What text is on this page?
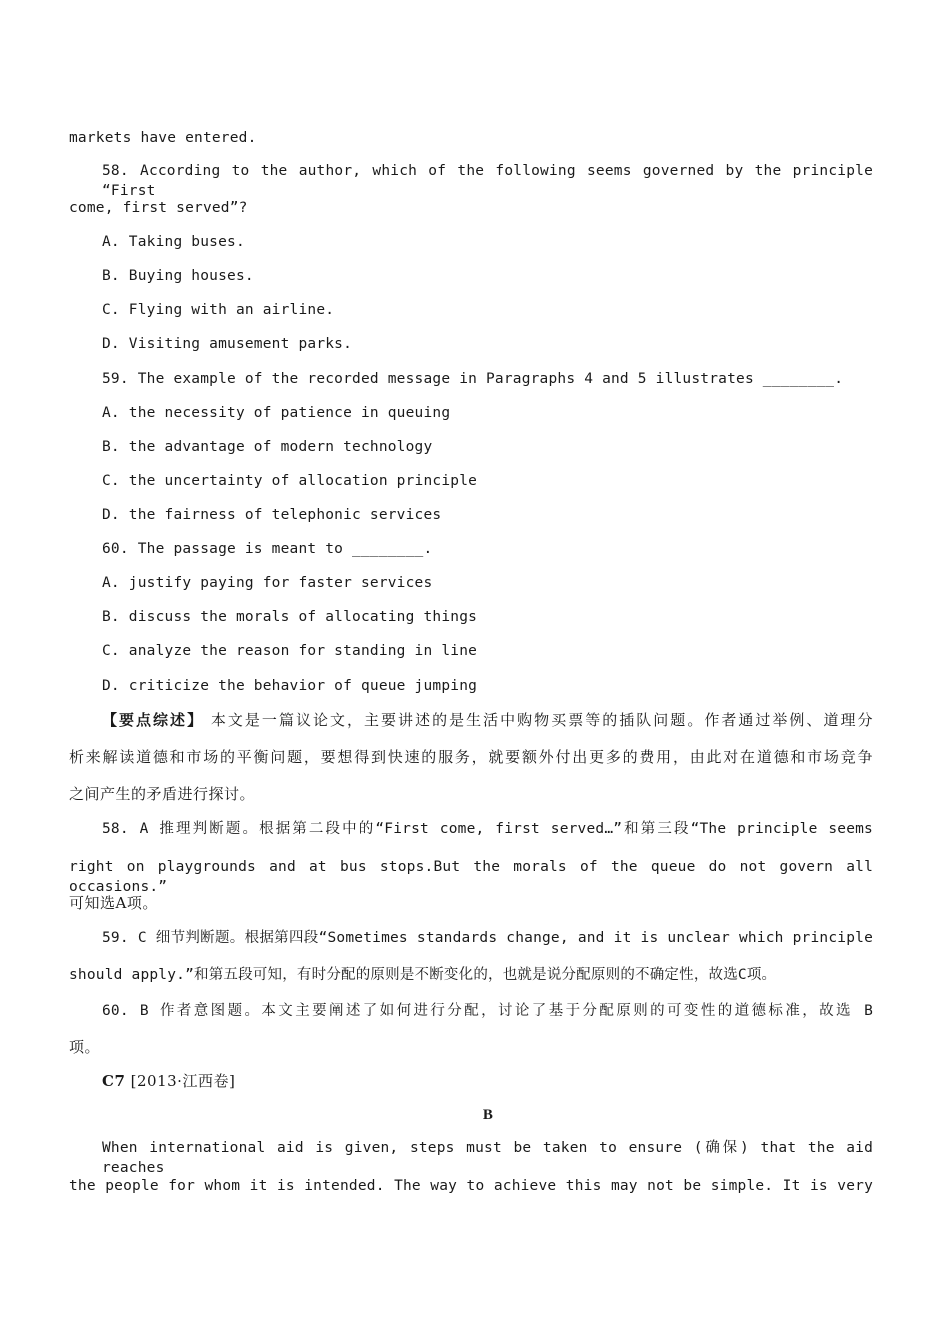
markets have entered.
58. According to the author, which of the following seems governed by the principle “First
come, first served”?
A. Taking buses.
B. Buying houses.
C. Flying with an airline.
D. Visiting amusement parks.
59. The example of the recorded message in Paragraphs 4 and 5 illustrates ________.
A. the necessity of patience in queuing
B. the advantage of modern technology
C. the uncertainty of allocation principle
D. the fairness of telephonic services
60. The passage is meant to ________.
A. justify paying for faster services
B. discuss the morals of allocating things
C. analyze the reason for standing in line
D. criticize the behavior of queue jumping
【要点综述】 本文是一篇议论文，主要讲述的是生活中购物买票等的插队问题。作者通过举例、道理分
析来解读道德和市场的平衡问题，要想得到快速的服务，就要额外付出更多的费用，由此对在道德和市场竞争
之间产生的矛盾进行探讨。
58. A 推理判断题。根据第二段中的“First come, first served…”和第三段“The principle seems
right on playgrounds and at bus stops.But the morals of the queue do not govern all occasions.”
可知选A项。
59. C 细节判断题。根据第四段“Sometimes standards change, and it is unclear which principle
should apply.”和第五段可知，有时分配的原则是不断变化的，也就是说分配原则的不确定性，故选C项。
60. B 作者意图题。本文主要阐述了如何进行分配，讨论了基于分配原则的可变性的道德标准，故选 B
项。
C7 [2013·江西卷]
B
When international aid is given, steps must be taken to ensure (确保) that the aid reaches
the people for whom it is intended. The way to achieve this may not be simple. It is very
